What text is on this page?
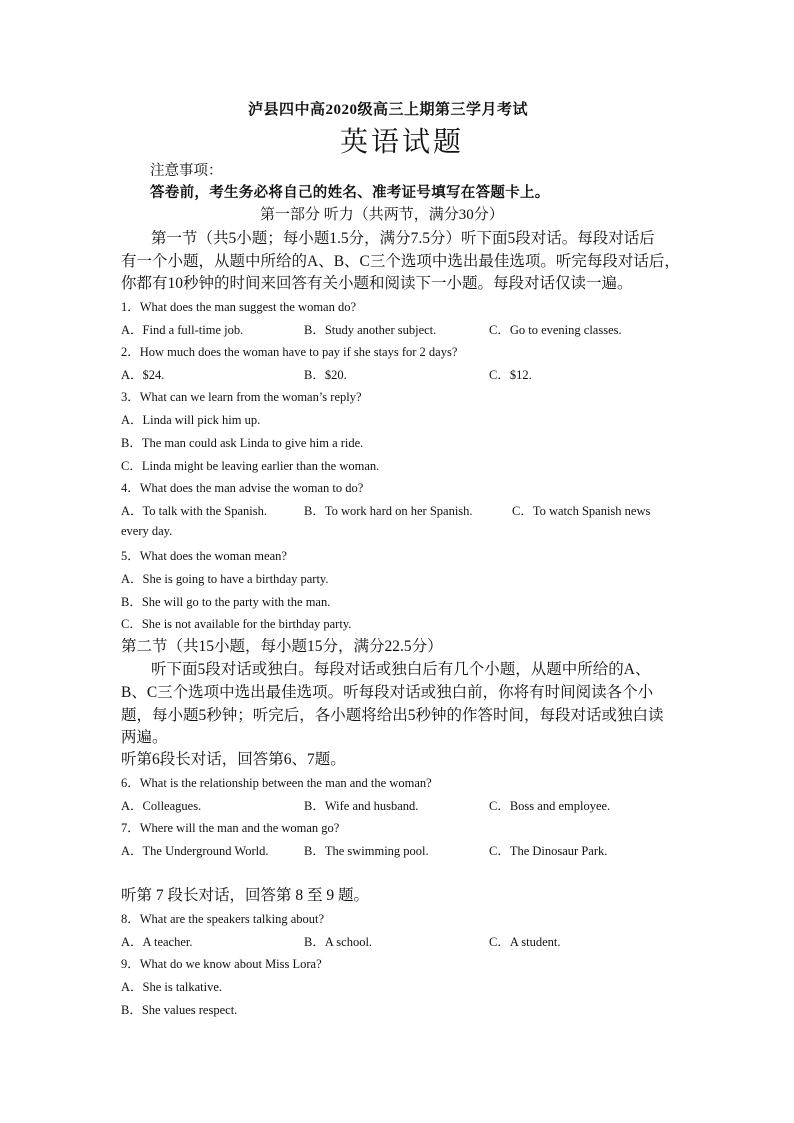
泸县四中高2020级高三上期第三学月考试
英语试题
注意事项：
答卷前，考生务必将自己的姓名、准考证号填写在答题卡上。
第一部分 听力（共两节，满分30分）
第一节（共5小题；每小题1.5分，满分7.5分）听下面5段对话。每段对话后
有一个小题，从题中所给的A、B、C三个选项中选出最佳选项。听完每段对话后，
你都有10秒钟的时间来回答有关小题和阅读下一小题。每段对话仅读一遍。
1．What does the man suggest the woman do?
A．Find a full-time job.	B．Study another subject.	C．Go to evening classes.
2．How much does the woman have to pay if she stays for 2 days?
A．$24.	B．$20.	C．$12.
3．What can we learn from the woman’s reply?
A．Linda will pick him up.
B．The man could ask Linda to give him a ride.
C．Linda might be leaving earlier than the woman.
4．What does the man advise the woman to do?
A．To talk with the Spanish.	B．To work hard on her Spanish.	C．To watch Spanish news
every day.
5．What does the woman mean?
A．She is going to have a birthday party.
B．She will go to the party with the man.
C．She is not available for the birthday party.
第二节（共15小题，每小题15分，满分22.5分）
听下面5段对话或独白。每段对话或独白后有几个小题，从题中所给的A、
B、C三个选项中选出最佳选项。听每段对话或独白前，你将有时间阅读各个小
题，每小题5秒钟；听完后，各小题将给出5秒钟的作答时间，每段对话或独白读
两遍。
听第6段长对话，回答第6、7题。
6．What is the relationship between the man and the woman?
A．Colleagues.	B．Wife and husband.	C．Boss and employee.
7．Where will the man and the woman go?
A．The Underground World.	B．The swimming pool.	C．The Dinosaur Park.
听第 7 段长对话，回答第 8 至 9 题。
8．What are the speakers talking about?
A．A teacher.	B．A school.	C．A student.
9．What do we know about Miss Lora?
A．She is talkative.
B．She values respect.
